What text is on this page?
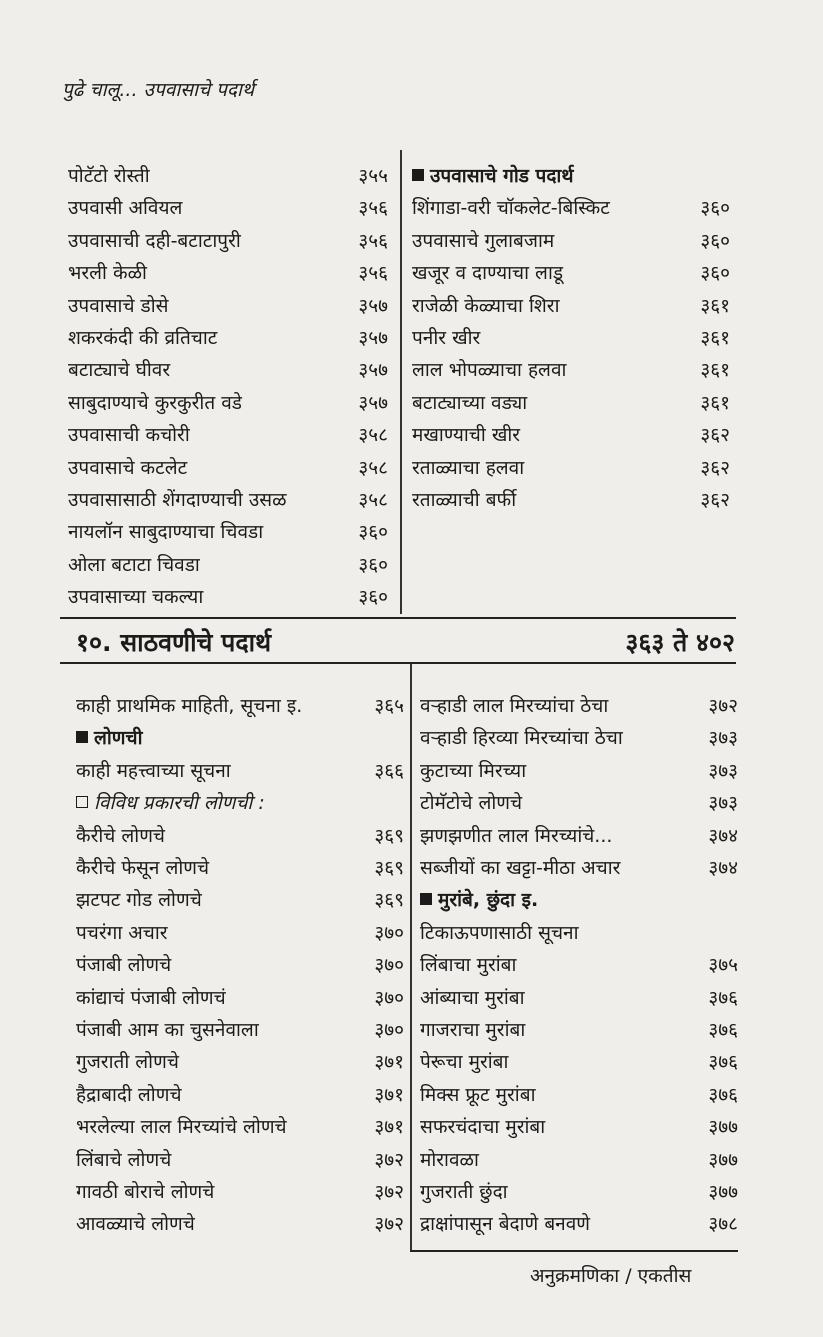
पुढे चालू... उपवासाचे पदार्थ
पोटॅटो रोस्ती	३५५
उपवासी अवियल	३५६
उपवासाची दही-बटाटापुरी	३५६
भरली केळी	३५६
उपवासाचे डोसे	३५७
शकरकंदी की व्रतिचाट	३५७
बटाट्याचे घीवर	३५७
साबुदाण्याचे कुरकुरीत वडे	३५७
उपवासाची कचोरी	३५८
उपवासाचे कटलेट	३५८
उपवासासाठी शेंगदाण्याची उसळ	३५८
नायलॉन साबुदाण्याचा चिवडा	३६०
ओला बटाटा चिवडा	३६०
उपवासाच्या चकल्या	३६०
उपवासाचे गोड पदार्थ
शिंगाडा-वरी चॉकलेट-बिस्किट	३६०
उपवासाचे गुलाबजाम	३६०
खजूर व दाण्याचा लाडू	३६०
राजेळी केळ्याचा शिरा	३६१
पनीर खीर	३६१
लाल भोपळ्याचा हलवा	३६१
बटाट्याच्या वड्या	३६१
मखाण्याची खीर	३६२
रताळ्याचा हलवा	३६२
रताळ्याची बर्फी	३६२
१०. साठवणीचे पदार्थ	३६३ ते ४०२
काही प्राथमिक माहिती, सूचना इ.	३६५
लोणची
काही महत्त्वाच्या सूचना	३६६
विविध प्रकारची लोणची :
कैरीचे लोणचे	३६९
कैरीचे फेसून लोणचे	३६९
झटपट गोड लोणचे	३६९
पचरंगा अचार	३७०
पंजाबी लोणचे	३७०
कांद्याचं पंजाबी लोणचं	३७०
पंजाबी आम का चुसनेवाला	३७०
गुजराती लोणचे	३७१
हैद्राबादी लोणचे	३७१
भरलेल्या लाल मिरच्यांचे लोणचे	३७१
लिंबाचे लोणचे	३७२
गावठी बोराचे लोणचे	३७२
आवळ्याचे लोणचे	३७२
वऱ्हाडी लाल मिरच्यांचा ठेचा	३७२
वऱ्हाडी हिरव्या मिरच्यांचा ठेचा	३७३
कुटाच्या मिरच्या	३७३
टोमॅटोचे लोणचे	३७३
झणझणीत लाल मिरच्यांचे...	३७४
सब्जीयों का खट्टा-मीठा अचार	३७४
मुरांबे, छुंदा इ.
टिकाऊपणासाठी सूचना
लिंबाचा मुरांबा	३७५
आंब्याचा मुरांबा	३७६
गाजराचा मुरांबा	३७६
पेरूचा मुरांबा	३७६
मिक्स फ्रूट मुरांबा	३७६
सफरचंदाचा मुरांबा	३७७
मोरावळा	३७७
गुजराती छुंदा	३७७
द्राक्षांपासून बेदाणे बनवणे	३७८
अनुक्रमणिका / एकतीस
